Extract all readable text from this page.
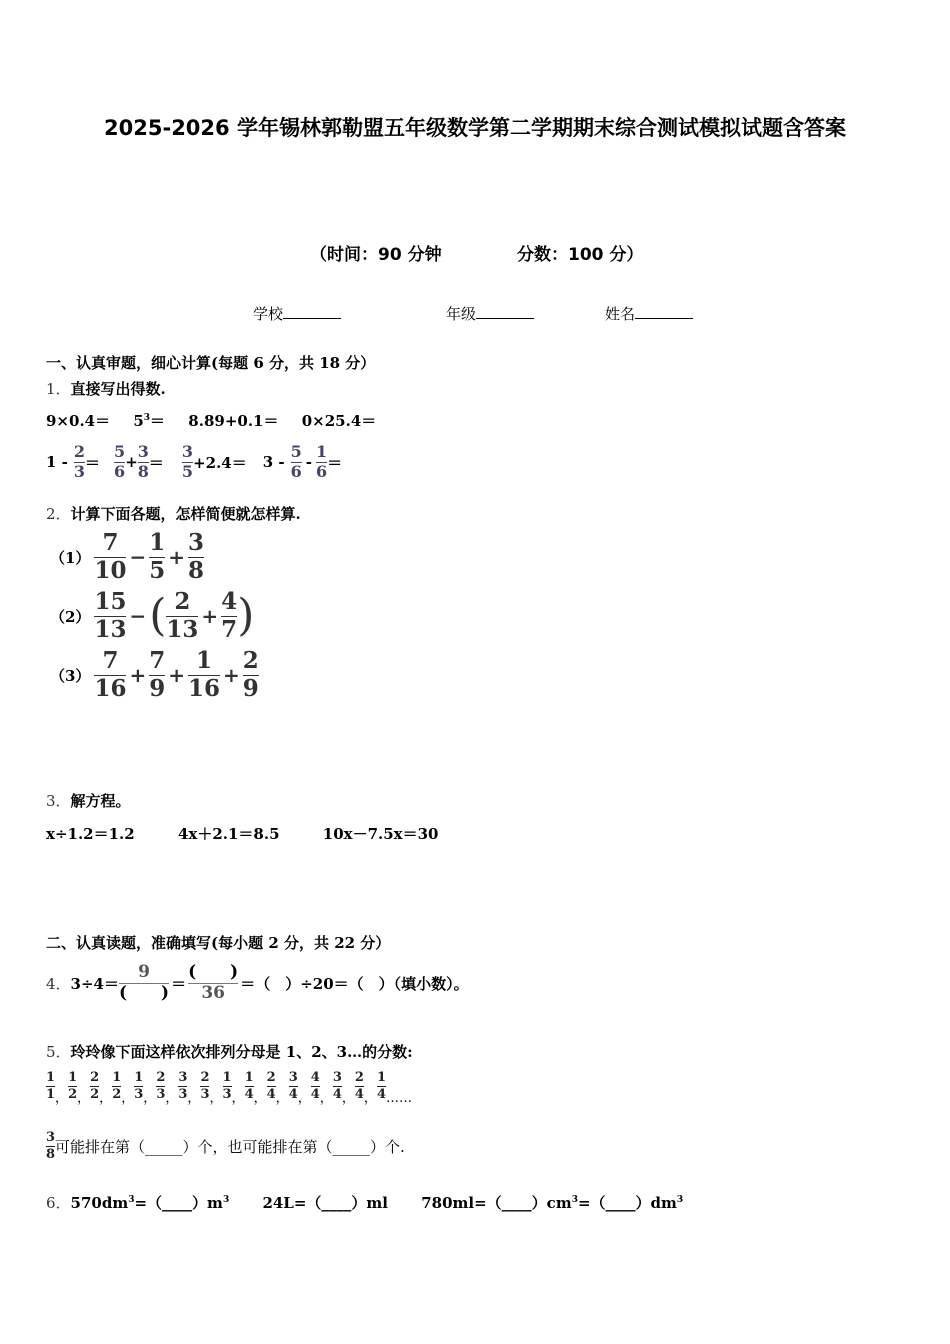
2025-2026 学年锡林郭勒盟五年级数学第二学期期末综合测试模拟试题含答案
（时间：90 分钟	分数：100 分）
学校	年级	姓名
一、认真审题，细心计算(每题 6 分，共 18 分）
1．直接写出得数.
$9\times 0.4= 5^3= 8.89+0.1= 0\times 25.4=$
$1 - \frac{2}{3} = \frac{5}{6} + \frac{3}{8} = \frac{3}{5} +2.4= 3 - \frac{5}{6} - \frac{1}{6}$ ＝
2．计算下面各题，怎样简便就怎样算.
$(1) \frac{7}{10} - \frac{1}{5} + \frac{3}{8}$
$(2) \frac{15}{13}$ − ( $\frac{2}{13} + \frac{4}{7}$ )
$(3) \frac{7}{16} + \frac{7}{9} + \frac{1}{16} + \frac{2}{9}$
3．解方程。
x÷1.2＝1.2	4x＋2.1＝8.5	10x－7.5x＝30
二、认真读题，准确填写(每小题 2 分，共 22 分）
4． $3\div 4= \frac{9}{( )} = \frac{( )}{36}$ ＝（　）÷20＝（　）（填小数）。
5．玲玲像下面这样依次排列分母是 1、2、3…的分数:
$\frac{1}{1}$ ， $\frac{1}{2}$ ， $\frac{2}{2}$ ， $\frac{1}{2}$ ， $\frac{1}{3}$ ， $\frac{2}{3}$ ， $\frac{3}{3}$ ， $\frac{2}{3}$ ， $\frac{1}{3}$ ， $\frac{1}{4}$ ， $\frac{2}{4}$ ， $\frac{3}{4}$ ， $\frac{4}{4}$ ， $\frac{3}{4}$ ， $\frac{2}{4}$ ， $\frac{1}{4}$ ……
$\frac{3}{8}$ 可能排在第（_____）个，也可能排在第（_____）个.
6．$570dm^3=(\_\_\_\_)m^3$ 24L=（____）ml $780ml=(\_\_\_\_)cm^3=(\_\_\_\_)dm^3$
